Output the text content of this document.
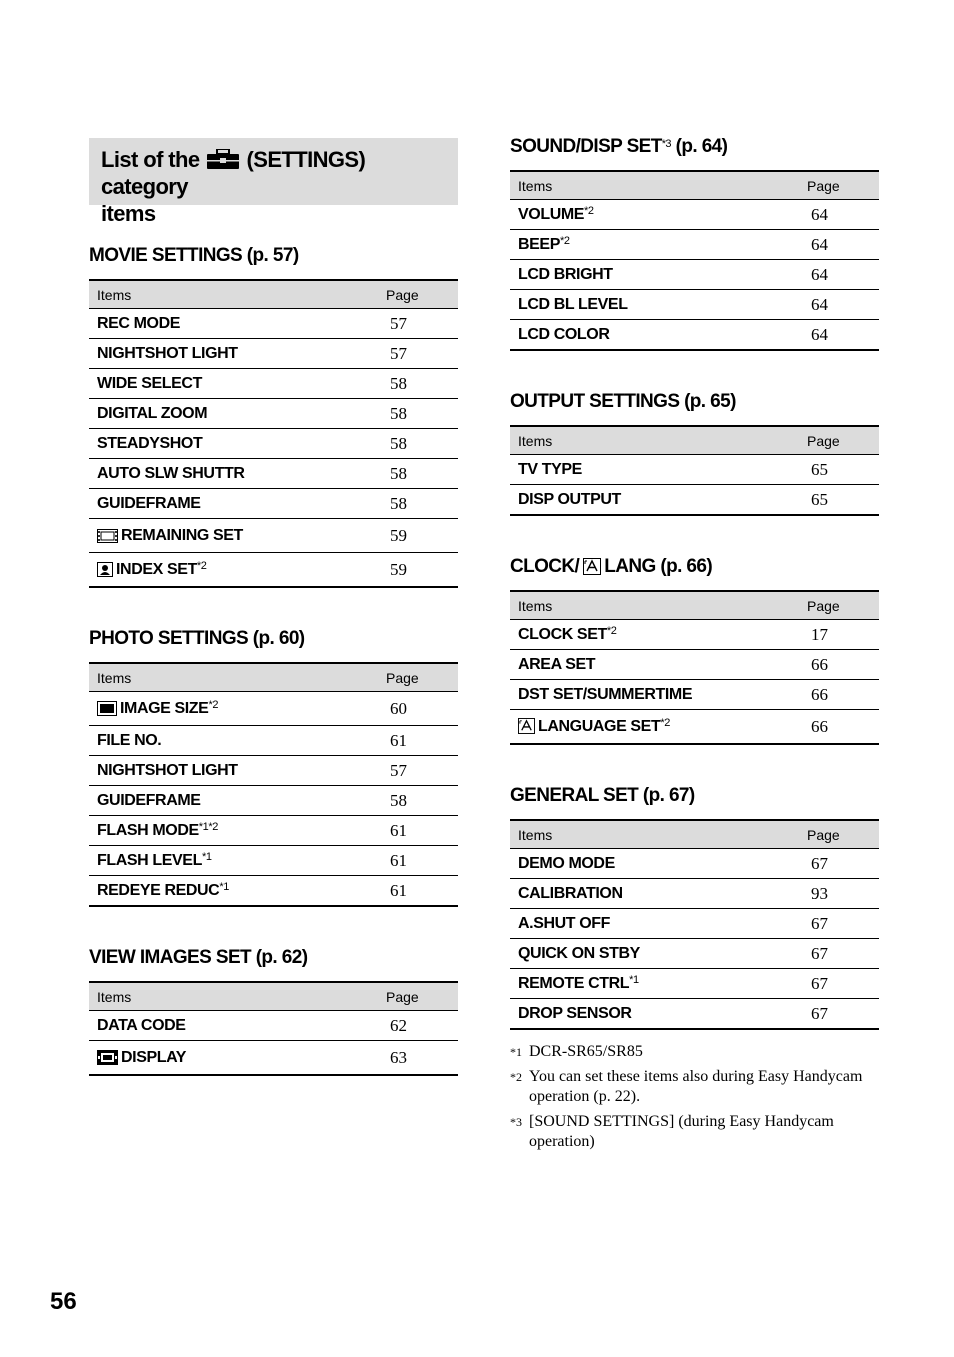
List of the (SETTINGS) category
items
MOVIE SETTINGS (p. 57)
Items	Page
REC MODE	57
NIGHTSHOT LIGHT	57
WIDE SELECT	58
DIGITAL ZOOM	58
STEADYSHOT	58
AUTO SLW SHUTTR	58
GUIDEFRAME	58
REMAINING SET	59
INDEX SET$^{*2}$	59
PHOTO SETTINGS (p. 60)
Items	Page
IMAGE SIZE$^{*2}$	60
FILE NO.	61
NIGHTSHOT LIGHT	57
GUIDEFRAME	58
FLASH $MODE^{*1*2}$	61
FLASH LEVEL$^{*1}$	61
REDEYE REDUC$^{*1}$	61
VIEW IMAGES SET (p. 62)
Items	Page
DATA CODE	62
DISPLAY	63
SOUND/DISP SET$^{*3}$ (p. 64)
Items	Page
VOLUME$^{*2}$	64
BEEP$^{*2}$	64
LCD BRIGHT	64
LCD BL LEVEL	64
LCD COLOR	64
OUTPUT SETTINGS (p. 65)
Items	Page
TV TYPE	65
DISP OUTPUT	65
CLOCK/ LANG (p. 66)
Items	Page
CLOCK SET$^{*2}$	17
AREA SET	66
DST SET/SUMMERTIME	66
LANGUAGE SET$^{*2}$	66
GENERAL SET (p. 67)
Items	Page
DEMO MODE	67
CALIBRATION	93
A.SHUT OFF	67
QUICK ON STBY	67
REMOTE CTRL$^{*1}$	67
DROP SENSOR	67
*1 DCR-SR65/SR85
*2 You can set these items also during Easy Handycam operation (p. 22).
*3 [SOUND SETTINGS] (during Easy Handycam operation)
56
